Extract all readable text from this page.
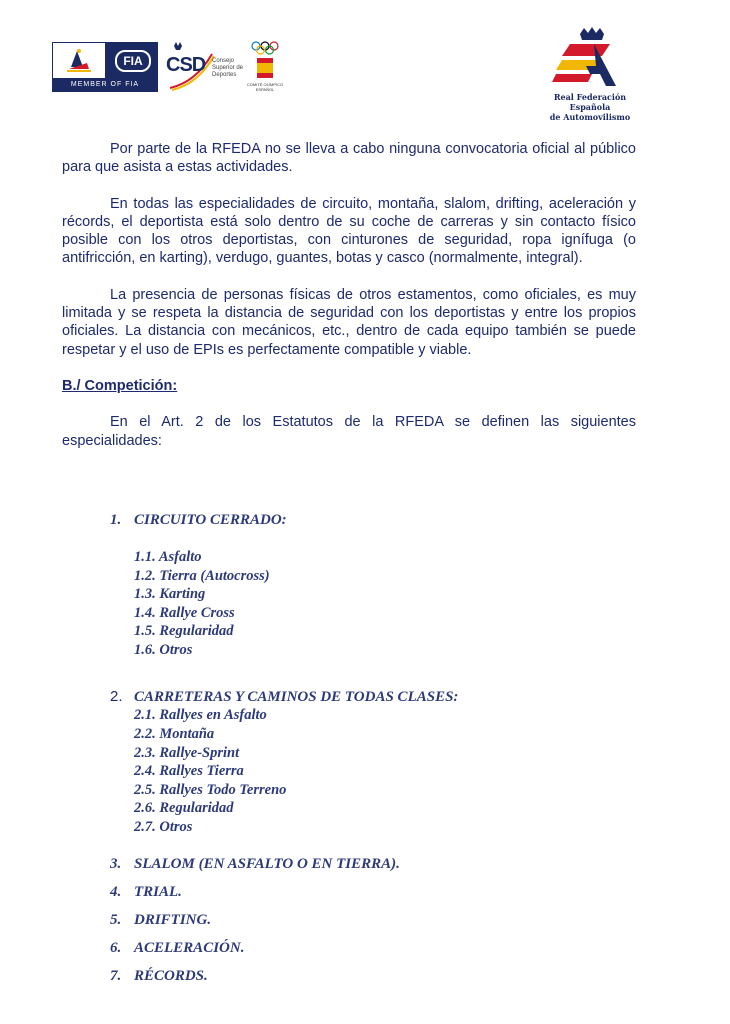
FIA
MEMBER OF FIA
CSD Consejo Superior de Deportes
COMITÉ OLÍMPICO ESPAÑOL
Real Federación Española
de Automovilismo

Por parte de la RFEDA no se lleva a cabo ninguna convocatoria oficial al público para que asista a estas actividades.

En todas las especialidades de circuito, montaña, slalom, drifting, aceleración y récords, el deportista está solo dentro de su coche de carreras y sin contacto físico posible con los otros deportistas, con cinturones de seguridad, ropa ignífuga (o antifricción, en karting), verdugo, guantes, botas y casco (normalmente, integral).

La presencia de personas físicas de otros estamentos, como oficiales, es muy limitada y se respeta la distancia de seguridad con los deportistas y entre los propios oficiales. La distancia con mecánicos, etc., dentro de cada equipo también se puede respetar y el uso de EPIs es perfectamente compatible y viable.

B./ Competición:

En el Art. 2 de los Estatutos de la RFEDA se definen las siguientes especialidades:

1. CIRCUITO CERRADO:
1.1. Asfalto
1.2. Tierra (Autocross)
1.3. Karting
1.4. Rallye Cross
1.5. Regularidad
1.6. Otros
2. CARRETERAS Y CAMINOS DE TODAS CLASES:
2.1. Rallyes en Asfalto
2.2. Montaña
2.3. Rallye-Sprint
2.4. Rallyes Tierra
2.5. Rallyes Todo Terreno
2.6. Regularidad
2.7. Otros
3. SLALOM (EN ASFALTO O EN TIERRA).
4. TRIAL.
5. DRIFTING.
6. ACELERACIÓN.
7. RÉCORDS.
